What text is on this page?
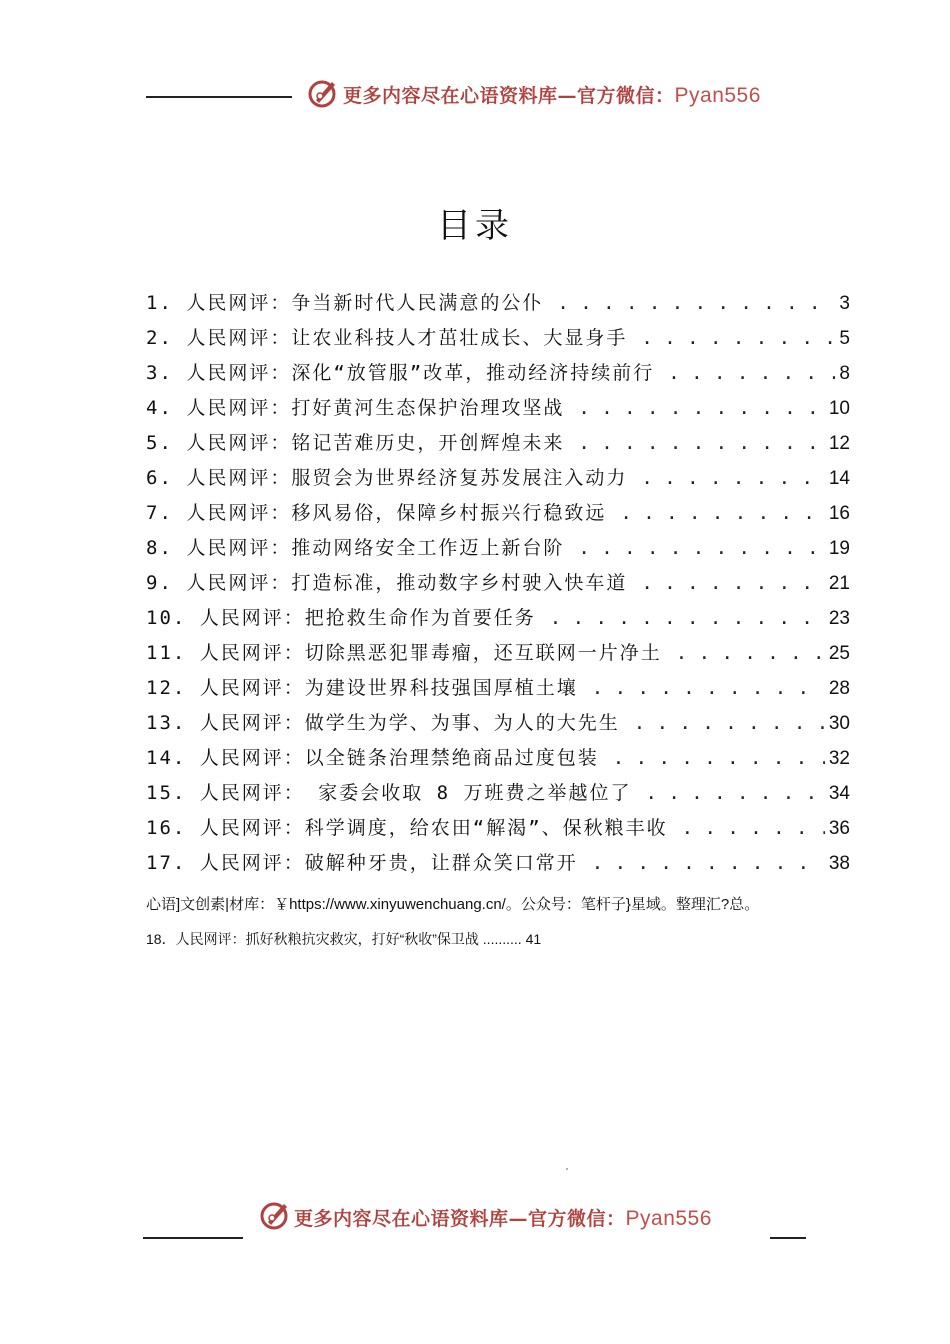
更多内容尽在心语资料库—官方微信：Pyan556
目录
1. 人民网评：争当新时代人民满意的公仆 . . .	3
2. 人民网评：让农业科技人才茁壮成长、大显身手 . . .	5
3. 人民网评：深化“放管服”改革，推动经济持续前行 . . .	8
4. 人民网评：打好黄河生态保护治理攻坚战 . . .	10
5. 人民网评：铭记苦难历史，开创辉煌未来 . . .	12
6. 人民网评：服贸会为世界经济复苏发展注入动力 . . .	14
7. 人民网评：移风易俗，保障乡村振兴行稳致远 . . .	16
8. 人民网评：推动网络安全工作迈上新台阶 . . .	19
9. 人民网评：打造标准，推动数字乡村驶入快车道 . . .	21
10. 人民网评：把抢救生命作为首要任务 . . .	23
11. 人民网评：切除黑恶犯罪毒瘤，还互联网一片净土 . . .	25
12. 人民网评：为建设世界科技强国厚植土壤 . . .	28
13. 人民网评：做学生为学、为事、为人的大先生 . . .	30
14. 人民网评：以全链条治理禁绝商品过度包装 . . .	32
15. 人民网评： 家委会收取 8 万班费之举越位了 . . .	34
16. 人民网评：科学调度，给农田“解渴”、保秋粮丰收 . . .	36
17. 人民网评：破解种牙贵，让群众笑口常开 . . .	38
心语]文创素|材库：￥https://www.xinyuwenchuang.cn/。公众号：笔杆子}星域。整理汇?总。
18．人民网评：抓好秋粮抗灾救灾，打好“秋收”保卫战 .......... 41
更多内容尽在心语资料库—官方微信：Pyan556
